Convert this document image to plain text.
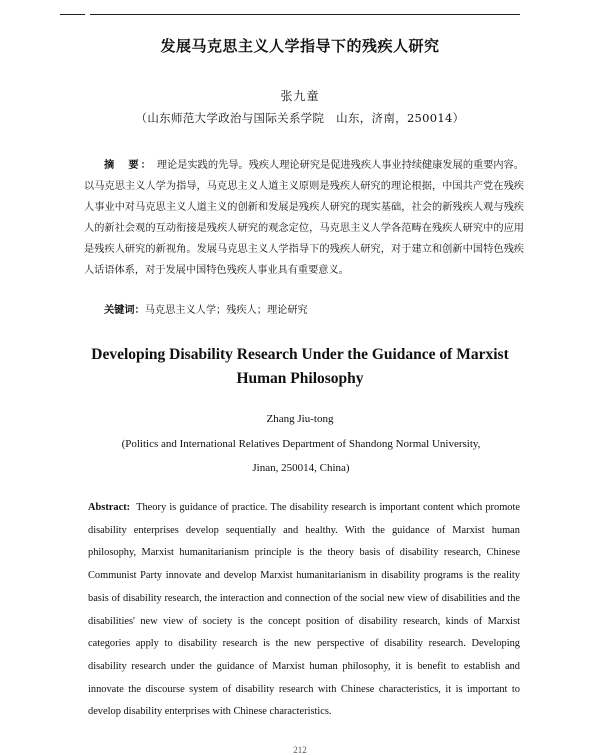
发展马克思主义人学指导下的残疾人研究
张九童
（山东师范大学政治与国际关系学院　山东，济南，250014）
摘　要： 理论是实践的先导。残疾人理论研究是促进残疾人事业持续健康发展的重要内容。以马克思主义人学为指导，马克思主义人道主义原则是残疾人研究的理论根据，中国共产党在残疾人事业中对马克思主义人道主义的创新和发展是残疾人研究的现实基础，社会的新残疾人观与残疾人的新社会观的互动衔接是残疾人研究的观念定位，马克思主义人学各范畴在残疾人研究中的应用是残疾人研究的新视角。发展马克思主义人学指导下的残疾人研究，对于建立和创新中国特色残疾人话语体系，对于发展中国特色残疾人事业具有重要意义。
关键词：马克思主义人学；残疾人；理论研究
Developing Disability Research Under the Guidance of Marxist Human Philosophy
Zhang Jiu-tong
(Politics and International Relatives Department of Shandong Normal University,
Jinan, 250014, China)
Abstract: Theory is guidance of practice. The disability research is important content which promote disability enterprises develop sequentially and healthy. With the guidance of Marxist human philosophy, Marxist humanitarianism principle is the theory basis of disability research, Chinese Communist Party innovate and develop Marxist humanitarianism in disability programs is the reality basis of disability research, the interaction and connection of the social new view of disabilities and the disabilities' new view of society is the concept position of disability research, kinds of Marxist categories apply to disability research is the new perspective of disability research. Developing disability research under the guidance of Marxist human philosophy, it is benefit to establish and innovate the discourse system of disability research with Chinese characteristics, it is important to develop disability enterprises with Chinese characteristics.
212
